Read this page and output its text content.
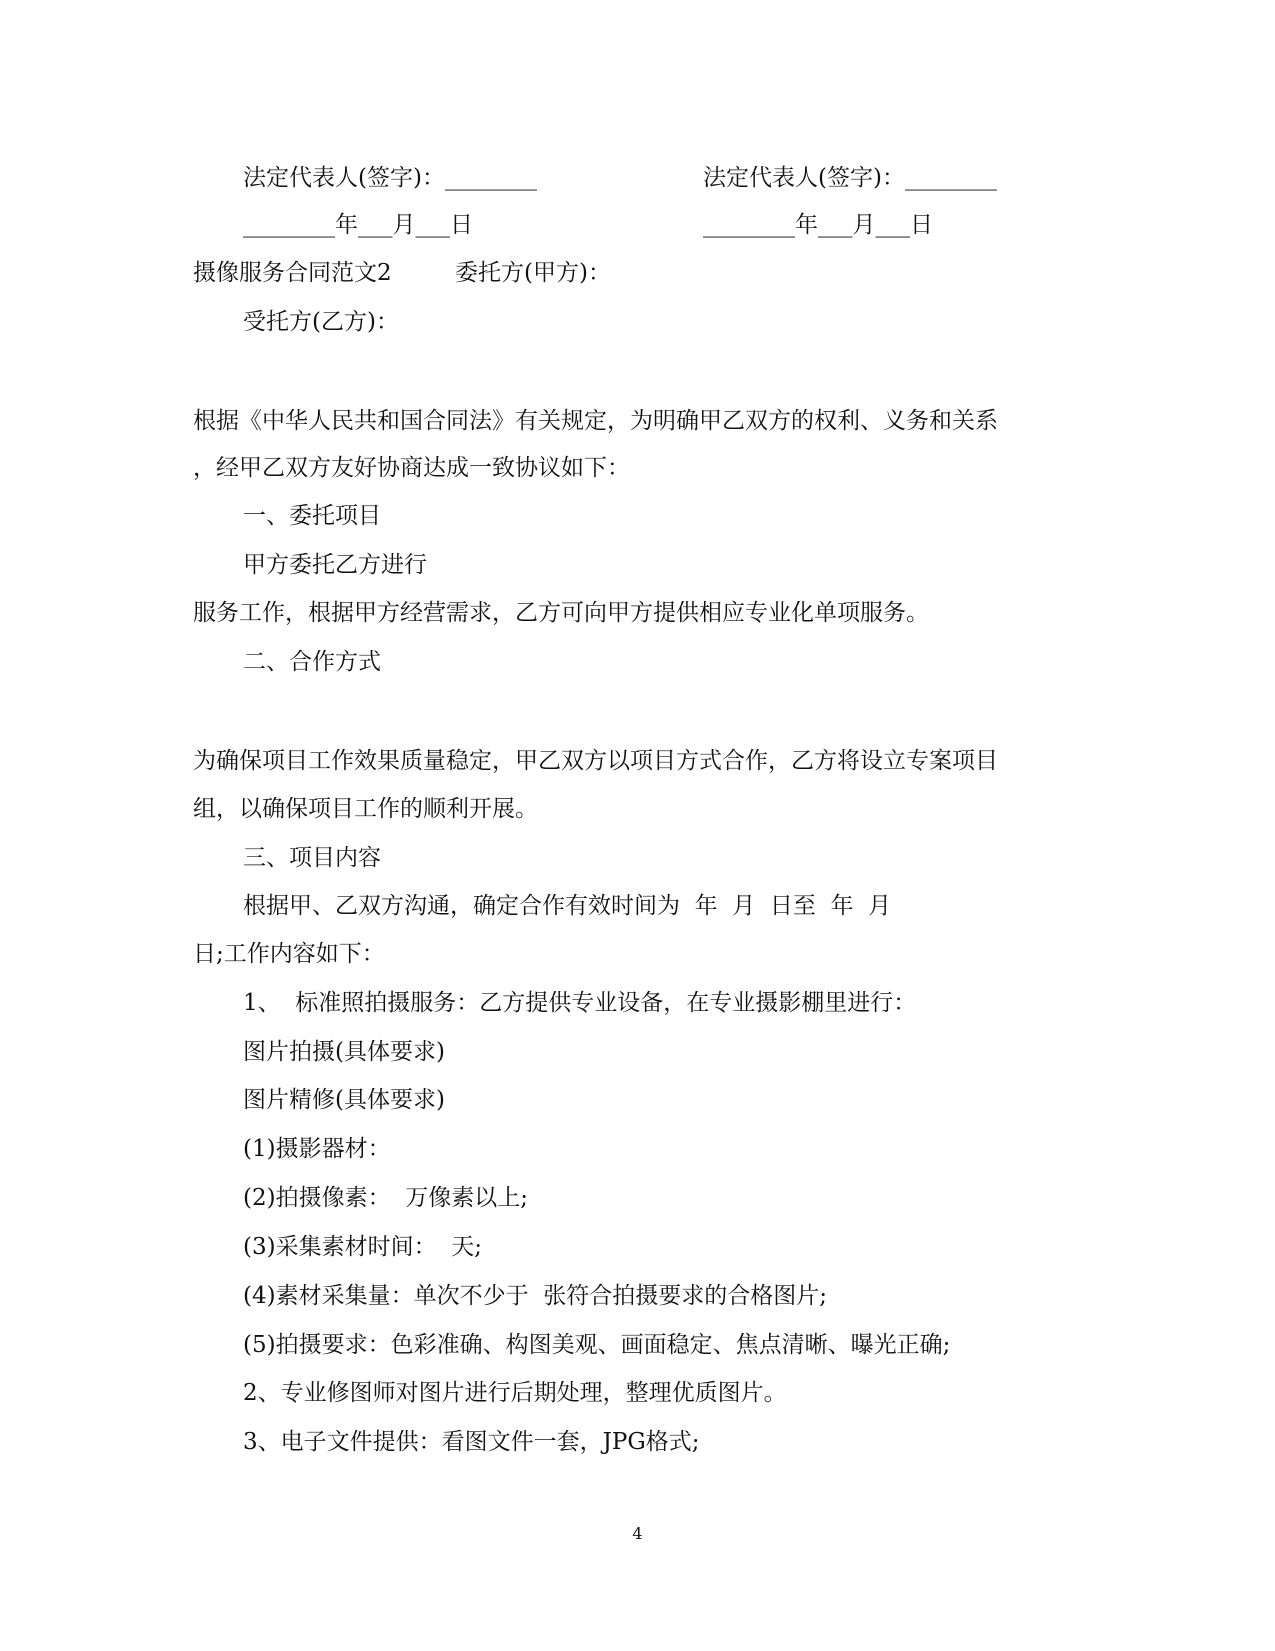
法定代表人(签字)：________	法定代表人(签字)：________
________年___月___日	________年___月___日
摄像服务合同范文2	委托方(甲方)：
受托方(乙方)：
根据《中华人民共和国合同法》有关规定，为明确甲乙双方的权利、义务和关系
，经甲乙双方友好协商达成一致协议如下：
一、委托项目
甲方委托乙方进行
服务工作，根据甲方经营需求，乙方可向甲方提供相应专业化单项服务。
二、合作方式
为确保项目工作效果质量稳定，甲乙双方以项目方式合作，乙方将设立专案项目
组，以确保项目工作的顺利开展。
三、项目内容
根据甲、乙双方沟通，确定合作有效时间为  年  月  日至  年  月
日;工作内容如下：
1、  标准照拍摄服务：乙方提供专业设备，在专业摄影棚里进行：
图片拍摄(具体要求)
图片精修(具体要求)
(1)摄影器材：
(2)拍摄像素：  万像素以上;
(3)采集素材时间：  天;
(4)素材采集量：单次不少于  张符合拍摄要求的合格图片;
(5)拍摄要求：色彩准确、构图美观、画面稳定、焦点清晰、曝光正确;
2、专业修图师对图片进行后期处理，整理优质图片。
3、电子文件提供：看图文件一套，JPG格式;
4
